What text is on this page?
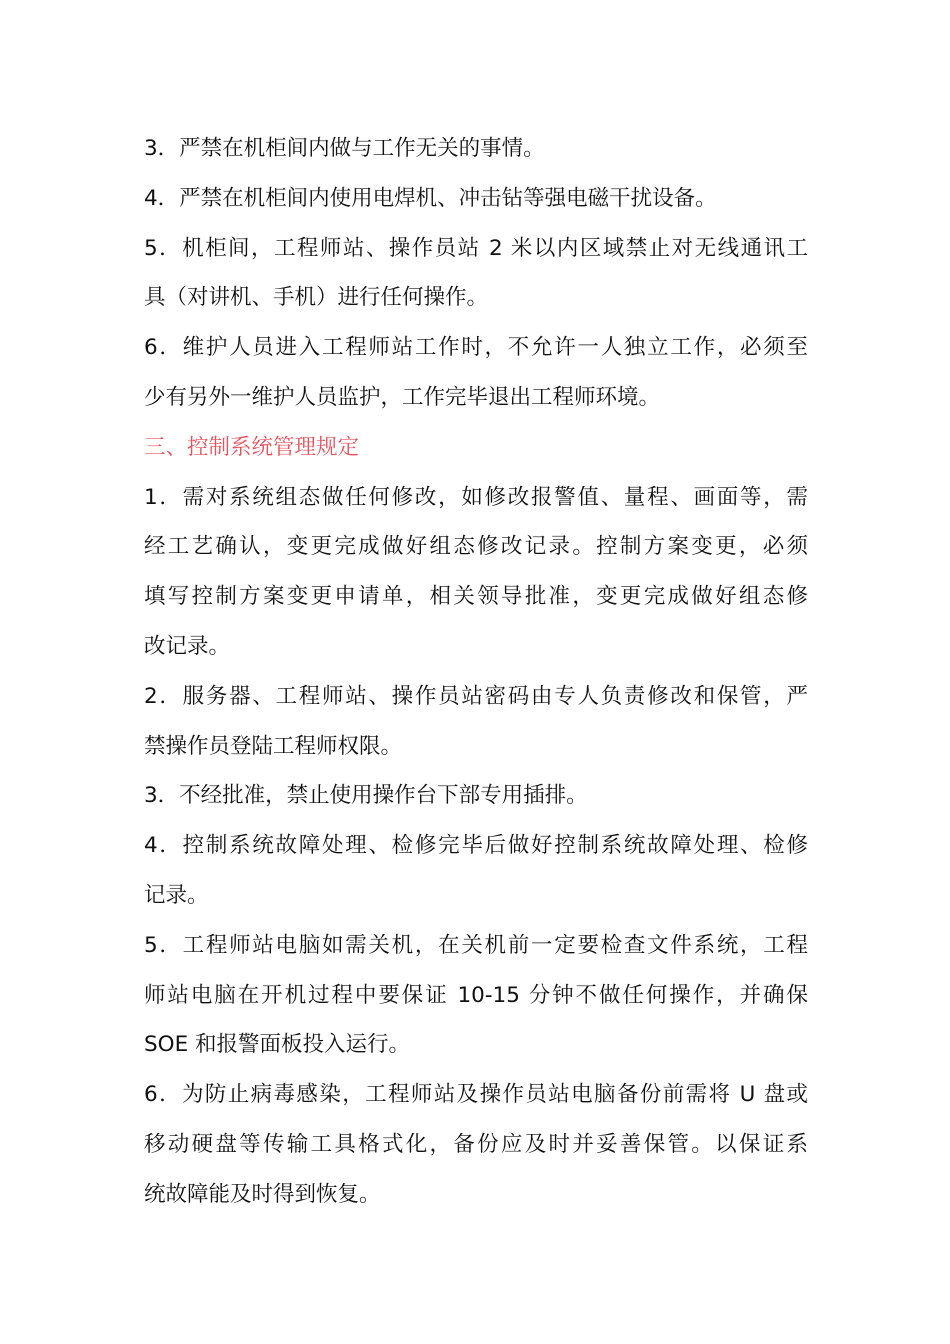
3．严禁在机柜间内做与工作无关的事情。
4．严禁在机柜间内使用电焊机、冲击钻等强电磁干扰设备。
5．机柜间，工程师站、操作员站 2 米以内区域禁止对无线通讯工
具（对讲机、手机）进行任何操作。
6．维护人员进入工程师站工作时，不允许一人独立工作，必须至
少有另外一维护人员监护，工作完毕退出工程师环境。
三、控制系统管理规定
1．需对系统组态做任何修改，如修改报警值、量程、画面等，需
经工艺确认，变更完成做好组态修改记录。控制方案变更，必须
填写控制方案变更申请单，相关领导批准，变更完成做好组态修
改记录。
2．服务器、工程师站、操作员站密码由专人负责修改和保管，严
禁操作员登陆工程师权限。
3．不经批准，禁止使用操作台下部专用插排。
4．控制系统故障处理、检修完毕后做好控制系统故障处理、检修
记录。
5．工程师站电脑如需关机，在关机前一定要检查文件系统，工程
师站电脑在开机过程中要保证 10-15 分钟不做任何操作，并确保
SOE 和报警面板投入运行。
6．为防止病毒感染，工程师站及操作员站电脑备份前需将 U 盘或
移动硬盘等传输工具格式化，备份应及时并妥善保管。以保证系
统故障能及时得到恢复。
